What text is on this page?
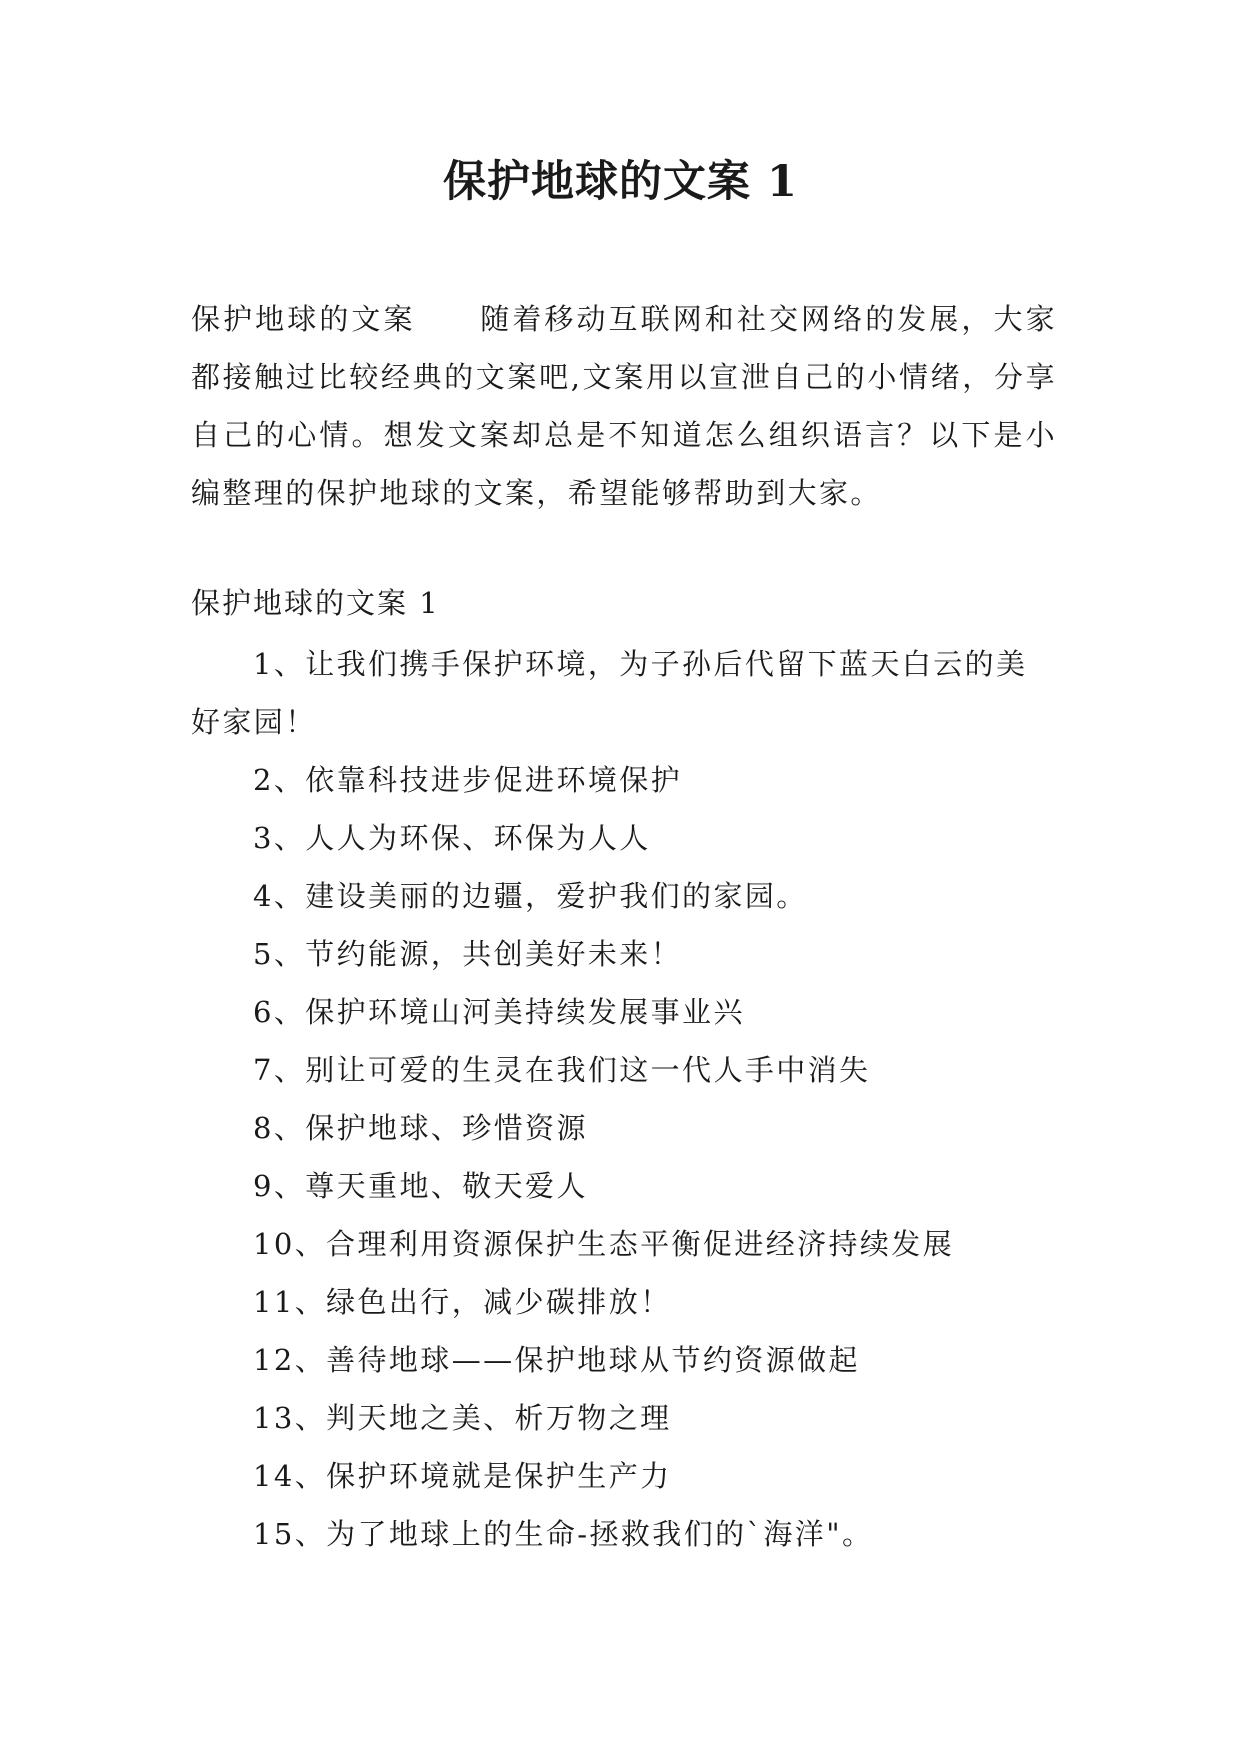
保护地球的文案 1

保护地球的文案 随着移动互联网和社交网络的发展，大家都接触过比较经典的文案吧,文案用以宣泄自己的小情绪，分享自己的心情。想发文案却总是不知道怎么组织语言？以下是小编整理的保护地球的文案，希望能够帮助到大家。

保护地球的文案 1
1、让我们携手保护环境，为子孙后代留下蓝天白云的美好家园！
2、依靠科技进步促进环境保护
3、人人为环保、环保为人人
4、建设美丽的边疆，爱护我们的家园。
5、节约能源，共创美好未来！
6、保护环境山河美持续发展事业兴
7、别让可爱的生灵在我们这一代人手中消失
8、保护地球、珍惜资源
9、尊天重地、敬天爱人
10、合理利用资源保护生态平衡促进经济持续发展
11、绿色出行，减少碳排放！
12、善待地球——保护地球从节约资源做起
13、判天地之美、析万物之理
14、保护环境就是保护生产力
15、为了地球上的生命-拯救我们的`海洋"。
